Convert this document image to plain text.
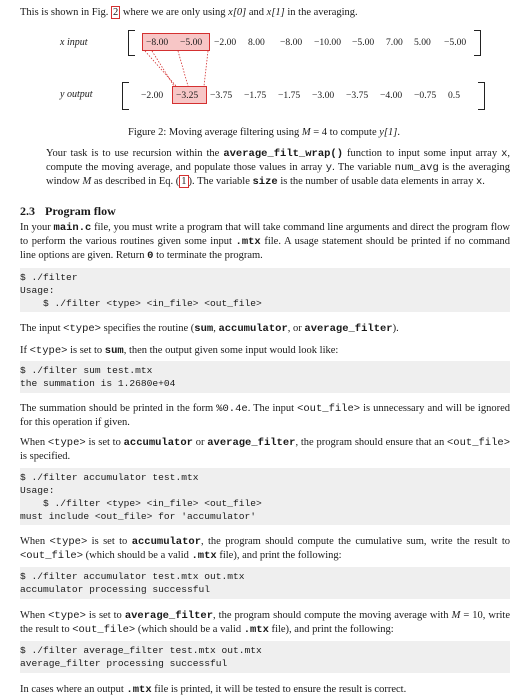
This is shown in Fig. 2 where we are only using x[0] and x[1] in the averaging.
x input
y output
−8.00 −5.00 −2.00 8.00 −8.00 −10.00 −5.00 7.00 5.00 −5.00
−2.00 −3.25 −3.75 −1.75 −1.75 −3.00 −3.75 −4.00 −0.75 0.5
Figure 2: Moving average filtering using M = 4 to compute y[1].
Your task is to use recursion within the average_filt_wrap() function to input some input array x, compute the moving average, and populate those values in array y. The variable num_avg is the averaging window M as described in Eq. ( 1 ). The variable size is the number of usable data elements in array x.
2.3 Program flow
In your main.c file, you must write a program that will take command line arguments and direct the program flow to perform the various routines given some input .mtx file. A usage statement should be printed if no command line options are given. Return 0 to terminate the program.
$ ./filter
Usage:
$ ./filter <type> <in_file> <out_file>
The input <type> specifies the routine (sum, accumulator, or average_filter).
If <type> is set to sum, then the output given some input would look like:
$ ./filter sum test.mtx
the summation is 1.2680e+04
The summation should be printed in the form %0.4e. The input <out_file> is unnecessary and will be ignored for this operation if given.
When <type> is set to accumulator or average_filter, the program should ensure that an <out_file> is specified.
$ ./filter accumulator test.mtx
Usage:
$ ./filter <type> <in_file> <out_file>
must include <out_file> for 'accumulator'
When <type> is set to accumulator, the program should compute the cumulative sum, write the result to <out_file> (which should be a valid .mtx file), and print the following:
$ ./filter accumulator test.mtx out.mtx
accumulator processing successful
When <type> is set to average_filter, the program should compute the moving average with M = 10, write the result to <out_file> (which should be a valid .mtx file), and print the following:
$ ./filter average_filter test.mtx out.mtx
average_filter processing successful
In cases where an output .mtx file is printed, it will be tested to ensure the result is correct.
